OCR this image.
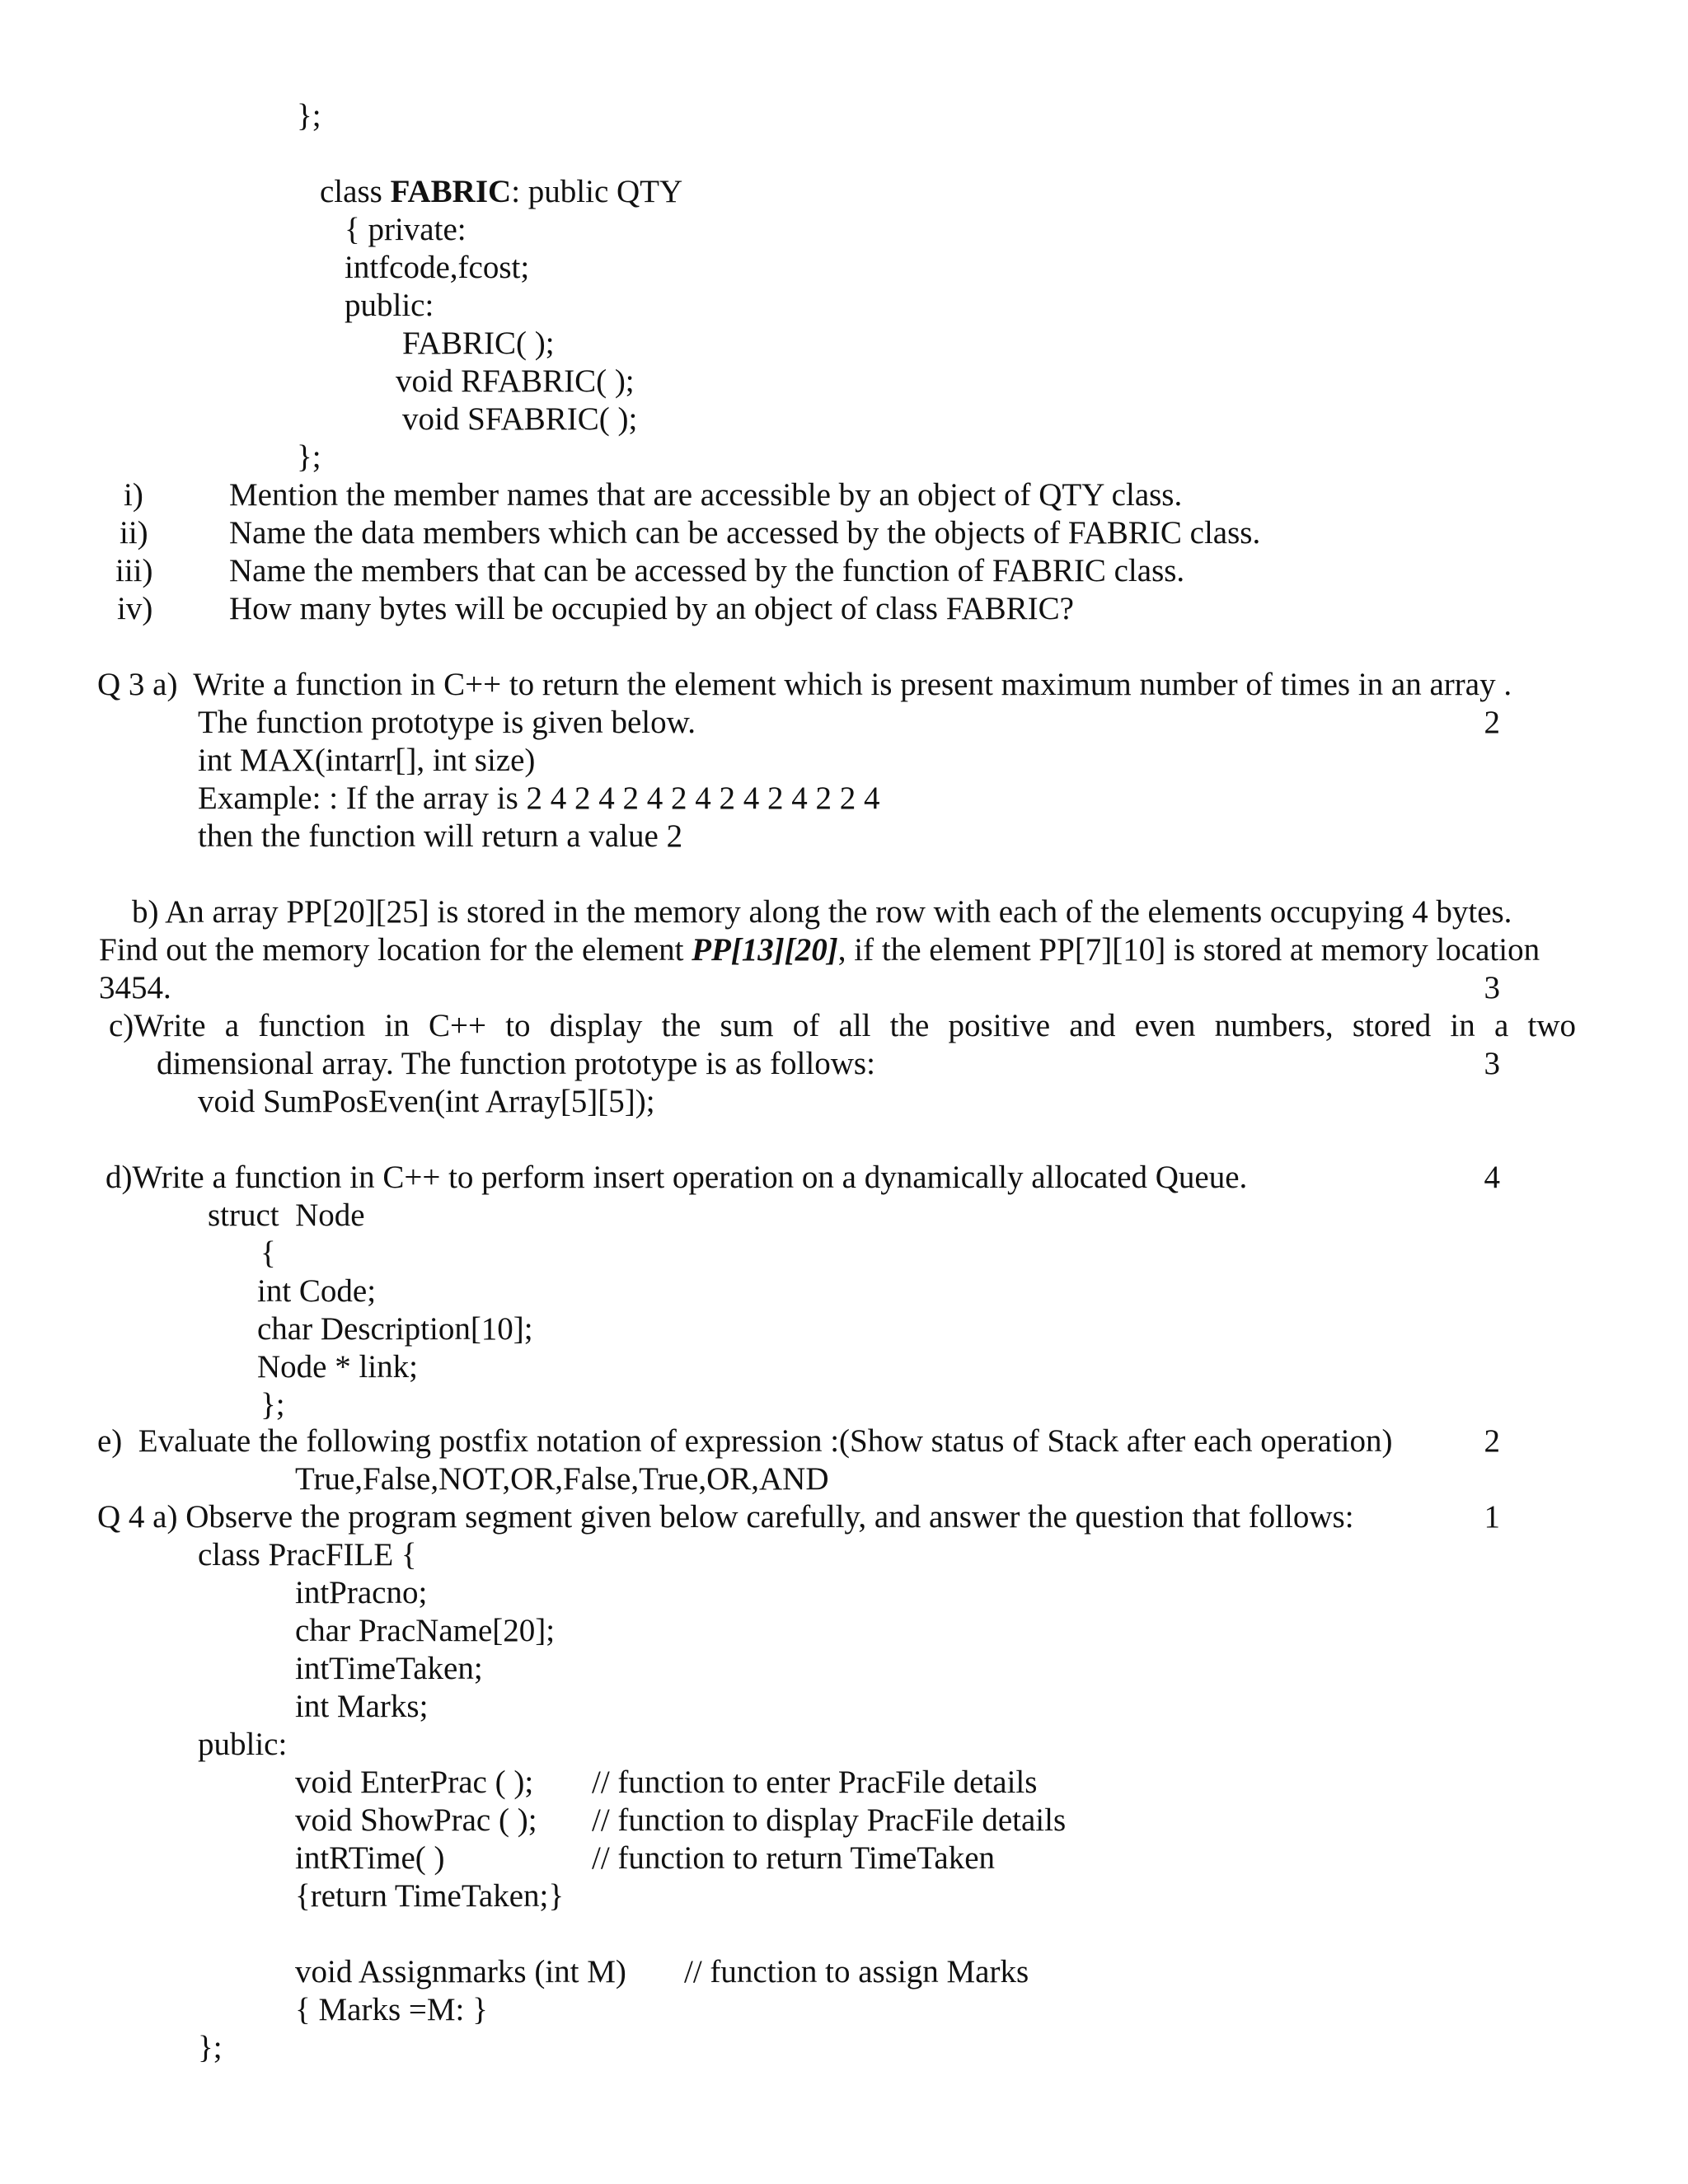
};
class FABRIC: public QTY
{ private:
intfcode,fcost;
public:
FABRIC( );
void RFABRIC( );
void SFABRIC( );
};
i)	Mention the member names that are accessible by an object of QTY class.
ii)	Name the data members which can be accessed by the objects of FABRIC class.
iii) Name the members that can be accessed by the function of FABRIC class.
iv) How many bytes will be occupied by an object of class FABRIC?
Q 3 a)  Write a function in C++ to return the element which is present maximum number of times in an array .
The function prototype is given below.	2
int MAX(intarr[], int size)
Example: : If the array is 2 4 2 4 2 4 2 4 2 4 2 4 2 2 4
then the function will return a value 2
b) An array PP[20][25] is stored in the memory along the row with each of the elements occupying 4 bytes.
Find out the memory location for the element PP[13][20], if the element PP[7][10] is stored at memory location
3454.	3
c)Write a function in C++ to display the sum of all the positive and even numbers, stored in a two
dimensional array. The function prototype is as follows:	3
void SumPosEven(int Array[5][5]);
d)Write a function in C++ to perform insert operation on a dynamically allocated Queue.	4
struct  Node
{
int Code;
char Description[10];
Node * link;
};
e)  Evaluate the following postfix notation of expression :(Show status of Stack after each operation)	2
True,False,NOT,OR,False,True,OR,AND
Q 4 a) Observe the program segment given below carefully, and answer the question that follows:	1
class PracFILE {
intPracno;
char PracName[20];
intTimeTaken;
int Marks;
public:
void EnterPrac ( ); // function to enter PracFile details
void ShowPrac ( ); // function to display PracFile details
intRTime( )	// function to return TimeTaken
{return TimeTaken;}
void Assignmarks (int M) // function to assign Marks
{ Marks =M: }
};
